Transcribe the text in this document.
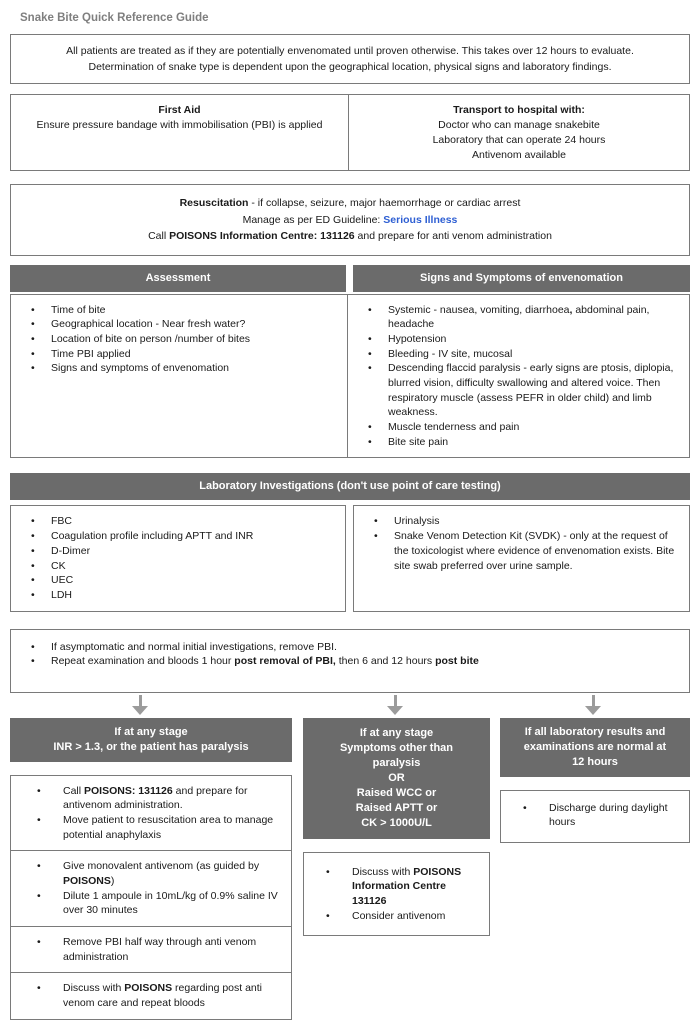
Snake Bite Quick Reference Guide
All patients are treated as if they are potentially envenomated until proven otherwise. This takes over 12 hours to evaluate.
Determination of snake type is dependent upon the geographical location, physical signs and laboratory findings.
First Aid
Ensure pressure bandage with immobilisation (PBI) is applied
Transport to hospital with:
Doctor who can manage snakebite
Laboratory that can operate 24 hours
Antivenom available
Resuscitation - if collapse, seizure, major haemorrhage or cardiac arrest
Manage as per ED Guideline: Serious Illness
Call POISONS Information Centre: 131126 and prepare for anti venom administration
Assessment	Signs and Symptoms of envenomation
•	Time of bite
•	Geographical location - Near fresh water?
•	Location of bite on person /number of bites
•	Time PBI applied
•	Signs and symptoms of envenomation
•	Systemic - nausea, vomiting, diarrhoea, abdominal pain, headache
•	Hypotension
•	Bleeding - IV site, mucosal
•	Descending flaccid paralysis - early signs are ptosis, diplopia, blurred vision, difficulty swallowing and altered voice. Then respiratory muscle (assess PEFR in older child) and limb weakness.
•	Muscle tenderness and pain
•	Bite site pain
Laboratory Investigations (don't use point of care testing)
•	FBC
•	Coagulation profile including APTT and INR
•	D-Dimer
•	CK
•	UEC
•	LDH
•	Urinalysis
•	Snake Venom Detection Kit (SVDK) - only at the request of the toxicologist where evidence of envenomation exists. Bite site swab preferred over urine sample.
•	If asymptomatic and normal initial investigations, remove PBI.
•	Repeat examination and bloods 1 hour post removal of PBI, then 6 and 12 hours post bite
If at any stage
INR > 1.3, or the patient has paralysis
•	Call POISONS: 131126 and prepare for antivenom administration.
•	Move patient to resuscitation area to manage potential anaphylaxis
•	Give monovalent antivenom (as guided by POISONS)
•	Dilute 1 ampoule in 10mL/kg of 0.9% saline IV over 30 minutes
•	Remove PBI half way through anti venom administration
•	Discuss with POISONS regarding post anti venom care and repeat bloods
If at any stage
Symptoms other than
paralysis
OR
Raised WCC or
Raised APTT or
CK > 1000U/L
•	Discuss with POISONS Information Centre 131126
•	Consider antivenom
If all laboratory results and
examinations are normal at
12 hours
•	Discharge during daylight hours
